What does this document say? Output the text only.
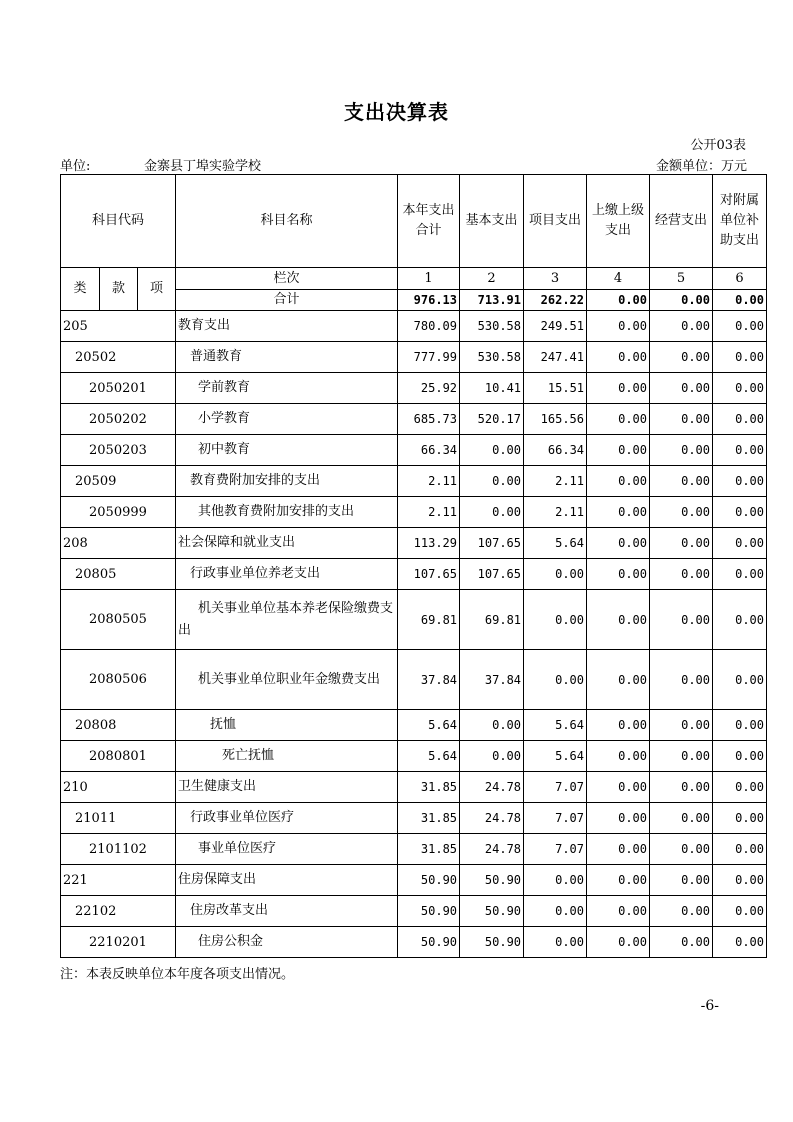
支出决算表
公开03表
单位:	金寨县丁埠实验学校	金额单位：万元
科目代码			科目名称	本年支出合计	基本支出	项目支出	上缴上级支出	经营支出	对附属单位补助支出
类	款	项	栏次	1	2	3	4	5	6
			合计	976.13	713.91	262.22	0.00	0.00	0.00
205			教育支出	780.09	530.58	249.51	0.00	0.00	0.00
20502			普通教育	777.99	530.58	247.41	0.00	0.00	0.00
2050201			学前教育	25.92	10.41	15.51	0.00	0.00	0.00
2050202			小学教育	685.73	520.17	165.56	0.00	0.00	0.00
2050203			初中教育	66.34	0.00	66.34	0.00	0.00	0.00
20509			教育费附加安排的支出	2.11	0.00	2.11	0.00	0.00	0.00
2050999			其他教育费附加安排的支出	2.11	0.00	2.11	0.00	0.00	0.00
208			社会保障和就业支出	113.29	107.65	5.64	0.00	0.00	0.00
20805			行政事业单位养老支出	107.65	107.65	0.00	0.00	0.00	0.00
2080505			机关事业单位基本养老保险缴费支出	69.81	69.81	0.00	0.00	0.00	0.00
2080506			机关事业单位职业年金缴费支出	37.84	37.84	0.00	0.00	0.00	0.00
20808			抚恤	5.64	0.00	5.64	0.00	0.00	0.00
2080801			死亡抚恤	5.64	0.00	5.64	0.00	0.00	0.00
210			卫生健康支出	31.85	24.78	7.07	0.00	0.00	0.00
21011			行政事业单位医疗	31.85	24.78	7.07	0.00	0.00	0.00
2101102			事业单位医疗	31.85	24.78	7.07	0.00	0.00	0.00
221			住房保障支出	50.90	50.90	0.00	0.00	0.00	0.00
22102			住房改革支出	50.90	50.90	0.00	0.00	0.00	0.00
2210201			住房公积金	50.90	50.90	0.00	0.00	0.00	0.00
注：本表反映单位本年度各项支出情况。
-6-
